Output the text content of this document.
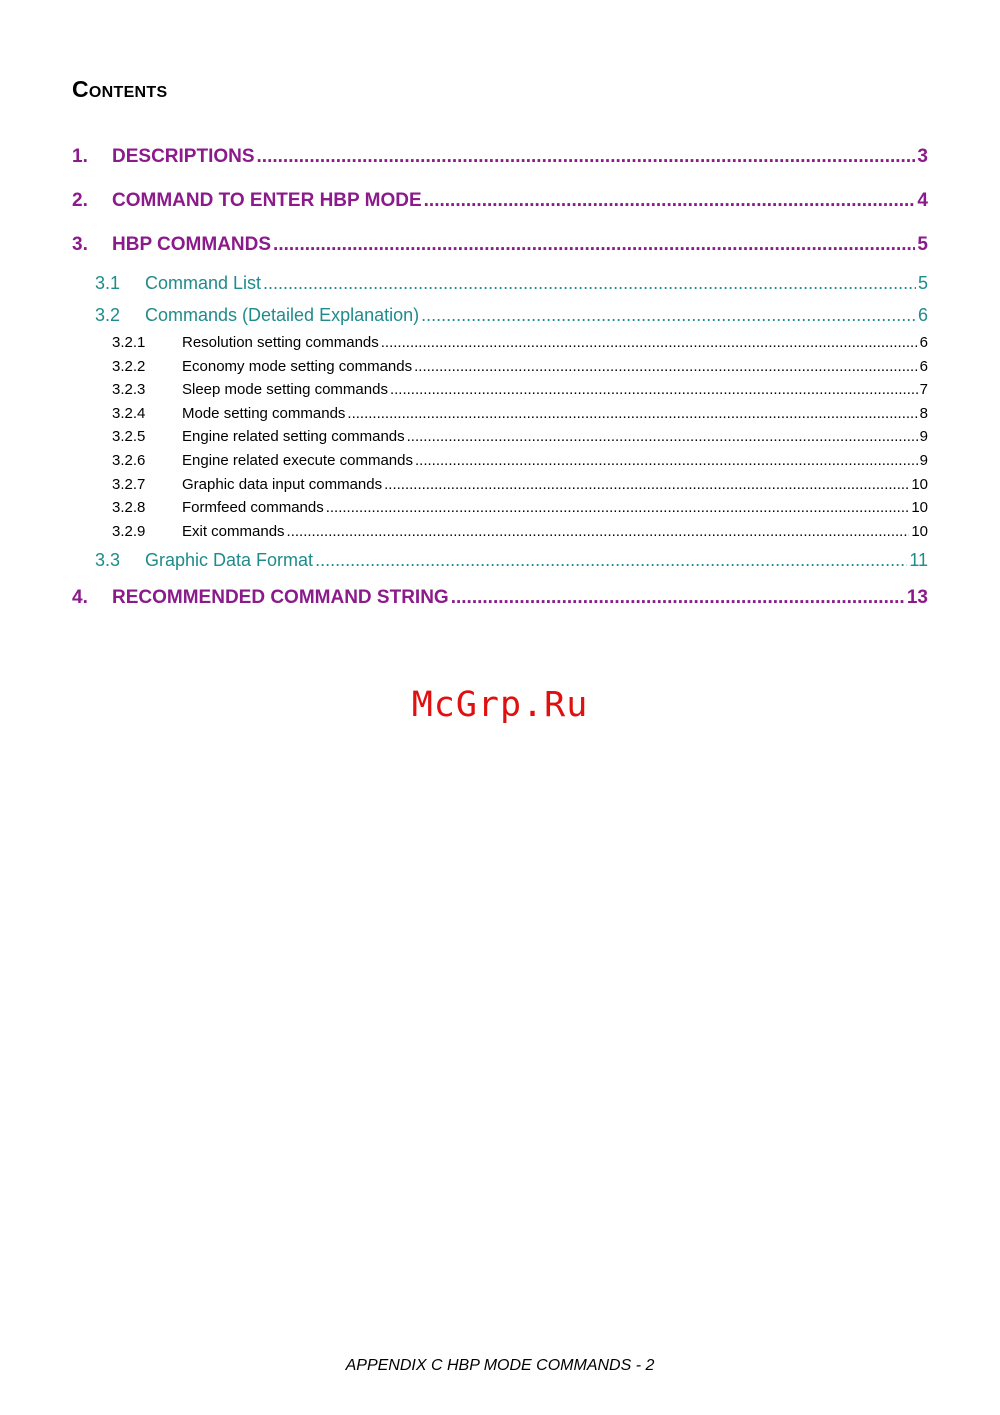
Contents
1.	DESCRIPTIONS .....	3
2.	COMMAND TO ENTER HBP MODE .....	4
3.	HBP COMMANDS .....	5
3.1	Command List .....	5
3.2	Commands (Detailed Explanation) .....	6
3.2.1	Resolution setting commands .....	6
3.2.2	Economy mode setting commands .....	6
3.2.3	Sleep mode setting commands .....	7
3.2.4	Mode setting commands .....	8
3.2.5	Engine related setting commands .....	9
3.2.6	Engine related execute commands .....	9
3.2.7	Graphic data input commands .....	10
3.2.8	Formfeed commands .....	10
3.2.9	Exit commands .....	10
3.3	Graphic Data Format .....	11
4.	RECOMMENDED COMMAND STRING .....	13
McGrp.Ru
APPENDIX C HBP MODE COMMANDS - 2
